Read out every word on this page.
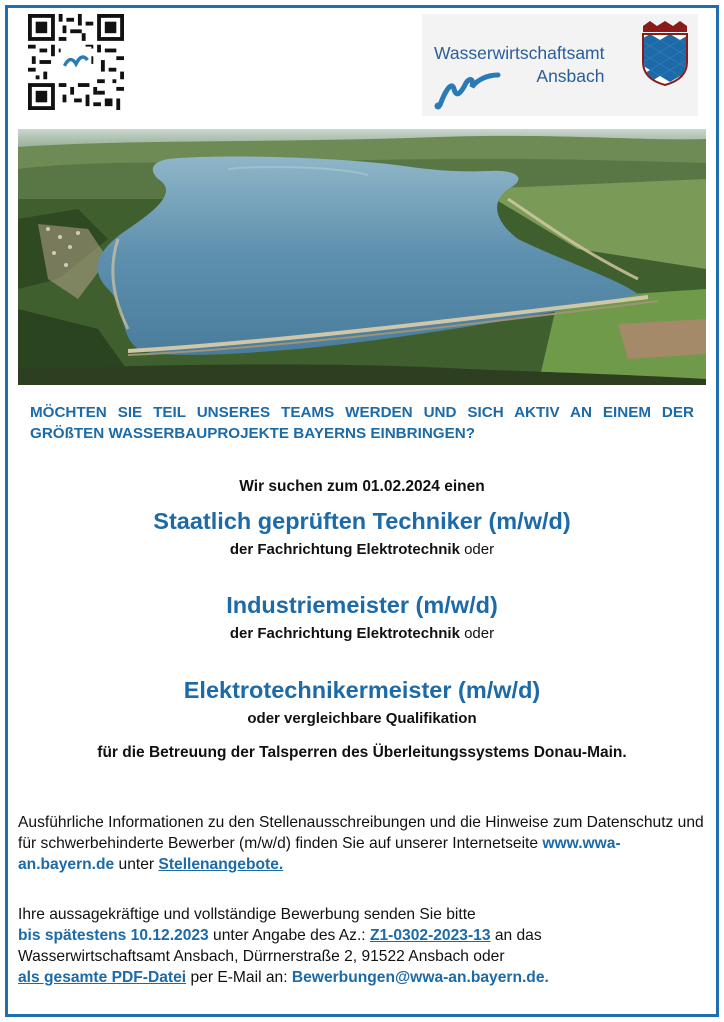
Wasserwirtschaftsamt
Ansbach
MÖCHTEN SIE TEIL UNSERES TEAMS WERDEN UND SICH AKTIV AN EINEM DER GRÖßTEN WASSERBAUPROJEKTE BAYERNS EINBRINGEN?
Wir suchen zum 01.02.2024 einen
Staatlich geprüften Techniker (m/w/d)
der Fachrichtung Elektrotechnik oder
Industriemeister (m/w/d)
der Fachrichtung Elektrotechnik oder
Elektrotechnikermeister (m/w/d)
oder vergleichbare Qualifikation
für die Betreuung der Talsperren des Überleitungssystems Donau-Main.
Ausführliche Informationen zu den Stellenausschreibungen und die Hinweise zum Datenschutz und für schwerbehinderte Bewerber (m/w/d) finden Sie auf unserer Internetseite www.wwa-an.bayern.de unter Stellenangebote.
Ihre aussagekräftige und vollständige Bewerbung senden Sie bitte
bis spätestens 10.12.2023 unter Angabe des Az.: Z1-0302-2023-13 an das
Wasserwirtschaftsamt Ansbach, Dürrnerstraße 2, 91522 Ansbach oder
als gesamte PDF-Datei per E-Mail an: Bewerbungen@wwa-an.bayern.de.
